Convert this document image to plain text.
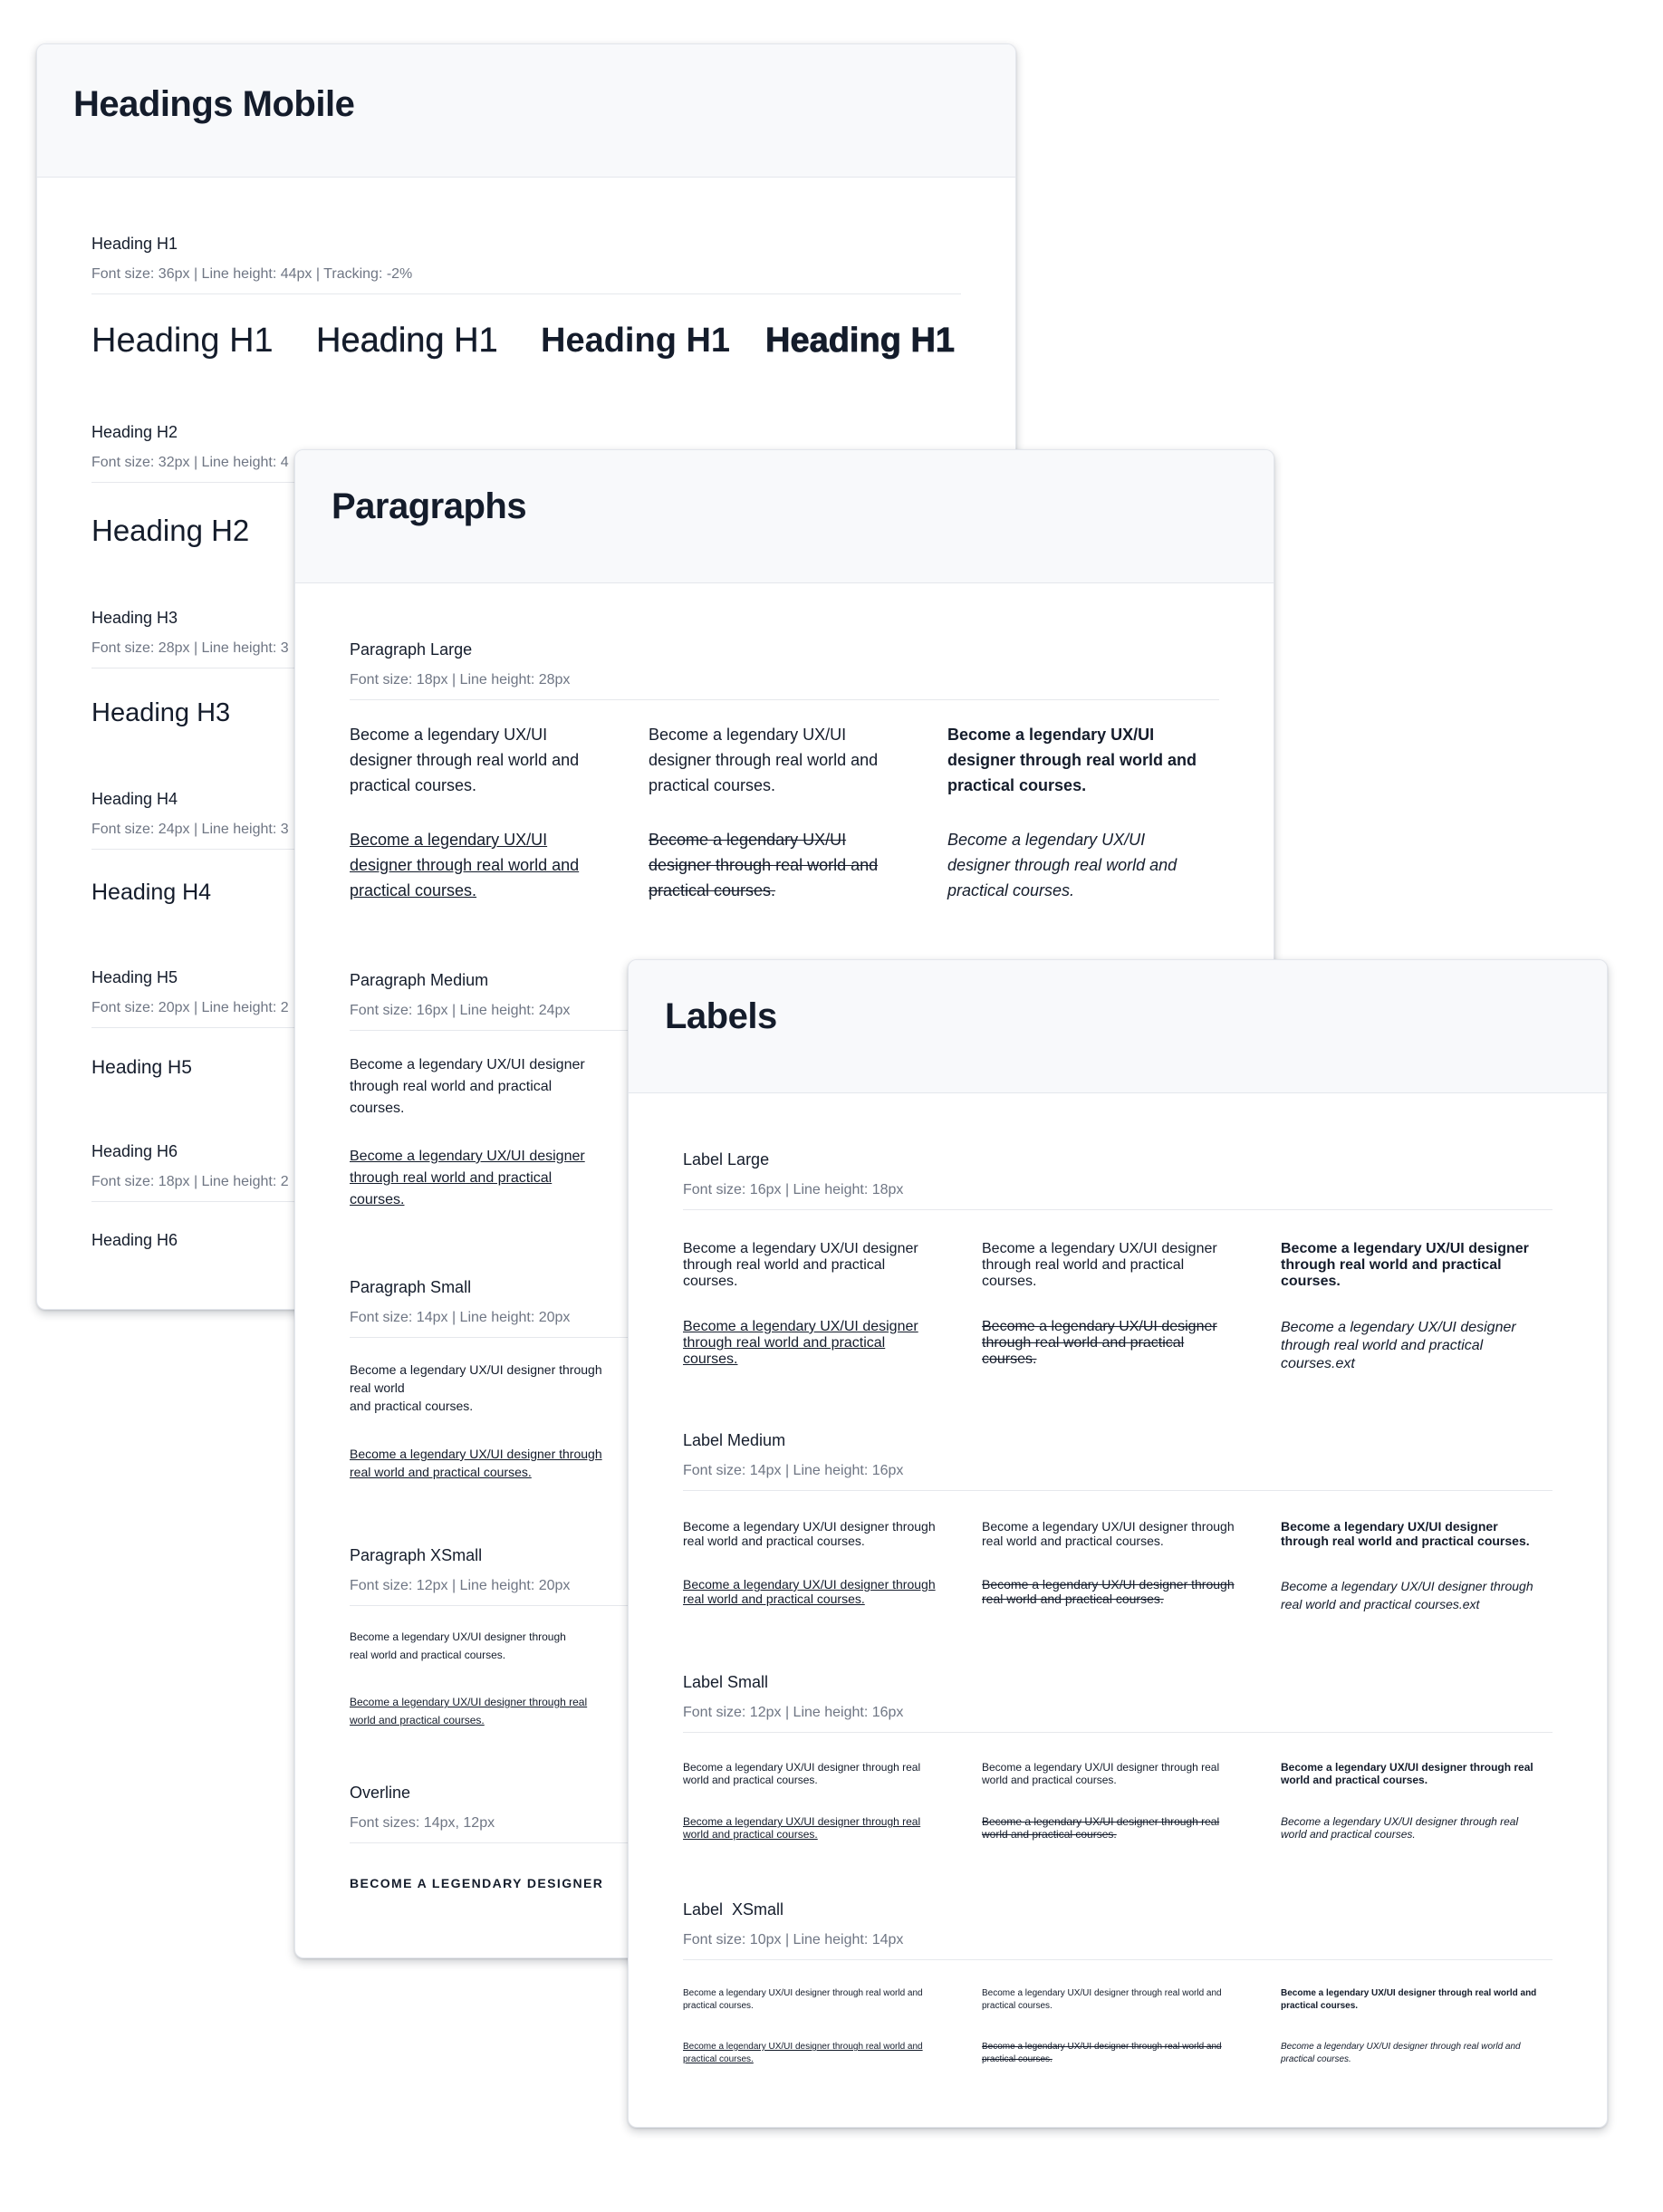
Headings Mobile
Heading H1
Font size: 36px | Line height: 44px | Tracking: -2%
Heading H1 Heading H1 Heading H1 Heading H1
Heading H2
Font size: 32px | Line height: 4
Heading H2
Heading H3
Font size: 28px | Line height: 3
Heading H3
Heading H4
Font size: 24px | Line height: 3
Heading H4
Heading H5
Font size: 20px | Line height: 2
Heading H5
Heading H6
Font size: 18px | Line height: 2
Heading H6
Paragraphs
Paragraph Large
Font size: 18px | Line height: 28px
Become a legendary UX/UI
designer through real world and
practical courses.
Become a legendary UX/UI
designer through real world and
practical courses.
Become a legendary UX/UI
designer through real world and
practical courses.
Become a legendary UX/UI
designer through real world and
practical courses.
Become a legendary UX/UI
designer through real world and
practical courses.
Become a legendary UX/UI
designer through real world and
practical courses.
Paragraph Medium
Font size: 16px | Line height: 24px
Become a legendary UX/UI designer
through real world and practical
courses.
Become a legendary UX/UI designer
through real world and practical
courses.
Paragraph Small
Font size: 14px | Line height: 20px
Become a legendary UX/UI designer through
real world
and practical courses.
Become a legendary UX/UI designer through
real world and practical courses.
Paragraph XSmall
Font size: 12px | Line height: 20px
Become a legendary UX/UI designer through
real world and practical courses.
Become a legendary UX/UI designer through real
world and practical courses.
Overline
Font sizes: 14px, 12px
BECOME A LEGENDARY DESIGNER
Labels
Label Large
Font size: 16px | Line height: 18px
Become a legendary UX/UI designer
through real world and practical
courses.
Become a legendary UX/UI designer
through real world and practical
courses.
Become a legendary UX/UI designer
through real world and practical
courses.
Become a legendary UX/UI designer
through real world and practical
courses.
Become a legendary UX/UI designer
through real world and practical
courses.
Become a legendary UX/UI designer
through real world and practical
courses.ext
Label Medium
Font size: 14px | Line height: 16px
Become a legendary UX/UI designer through
real world and practical courses.
Become a legendary UX/UI designer through
real world and practical courses.
Become a legendary UX/UI designer
through real world and practical courses.
Become a legendary UX/UI designer through
real world and practical courses.
Become a legendary UX/UI designer through
real world and practical courses.
Become a legendary UX/UI designer through
real world and practical courses.ext
Label Small
Font size: 12px | Line height: 16px
Become a legendary UX/UI designer through real
world and practical courses.
Become a legendary UX/UI designer through real
world and practical courses.
Become a legendary UX/UI designer through real
world and practical courses.
Become a legendary UX/UI designer through real
world and practical courses.
Become a legendary UX/UI designer through real
world and practical courses.
Become a legendary UX/UI designer through real
world and practical courses.
Label  XSmall
Font size: 10px | Line height: 14px
Become a legendary UX/UI designer through real world and
practical courses.
Become a legendary UX/UI designer through real world and
practical courses.
Become a legendary UX/UI designer through real world and
practical courses.
Become a legendary UX/UI designer through real world and
practical courses.
Become a legendary UX/UI designer through real world and
practical courses.
Become a legendary UX/UI designer through real world and
practical courses.
